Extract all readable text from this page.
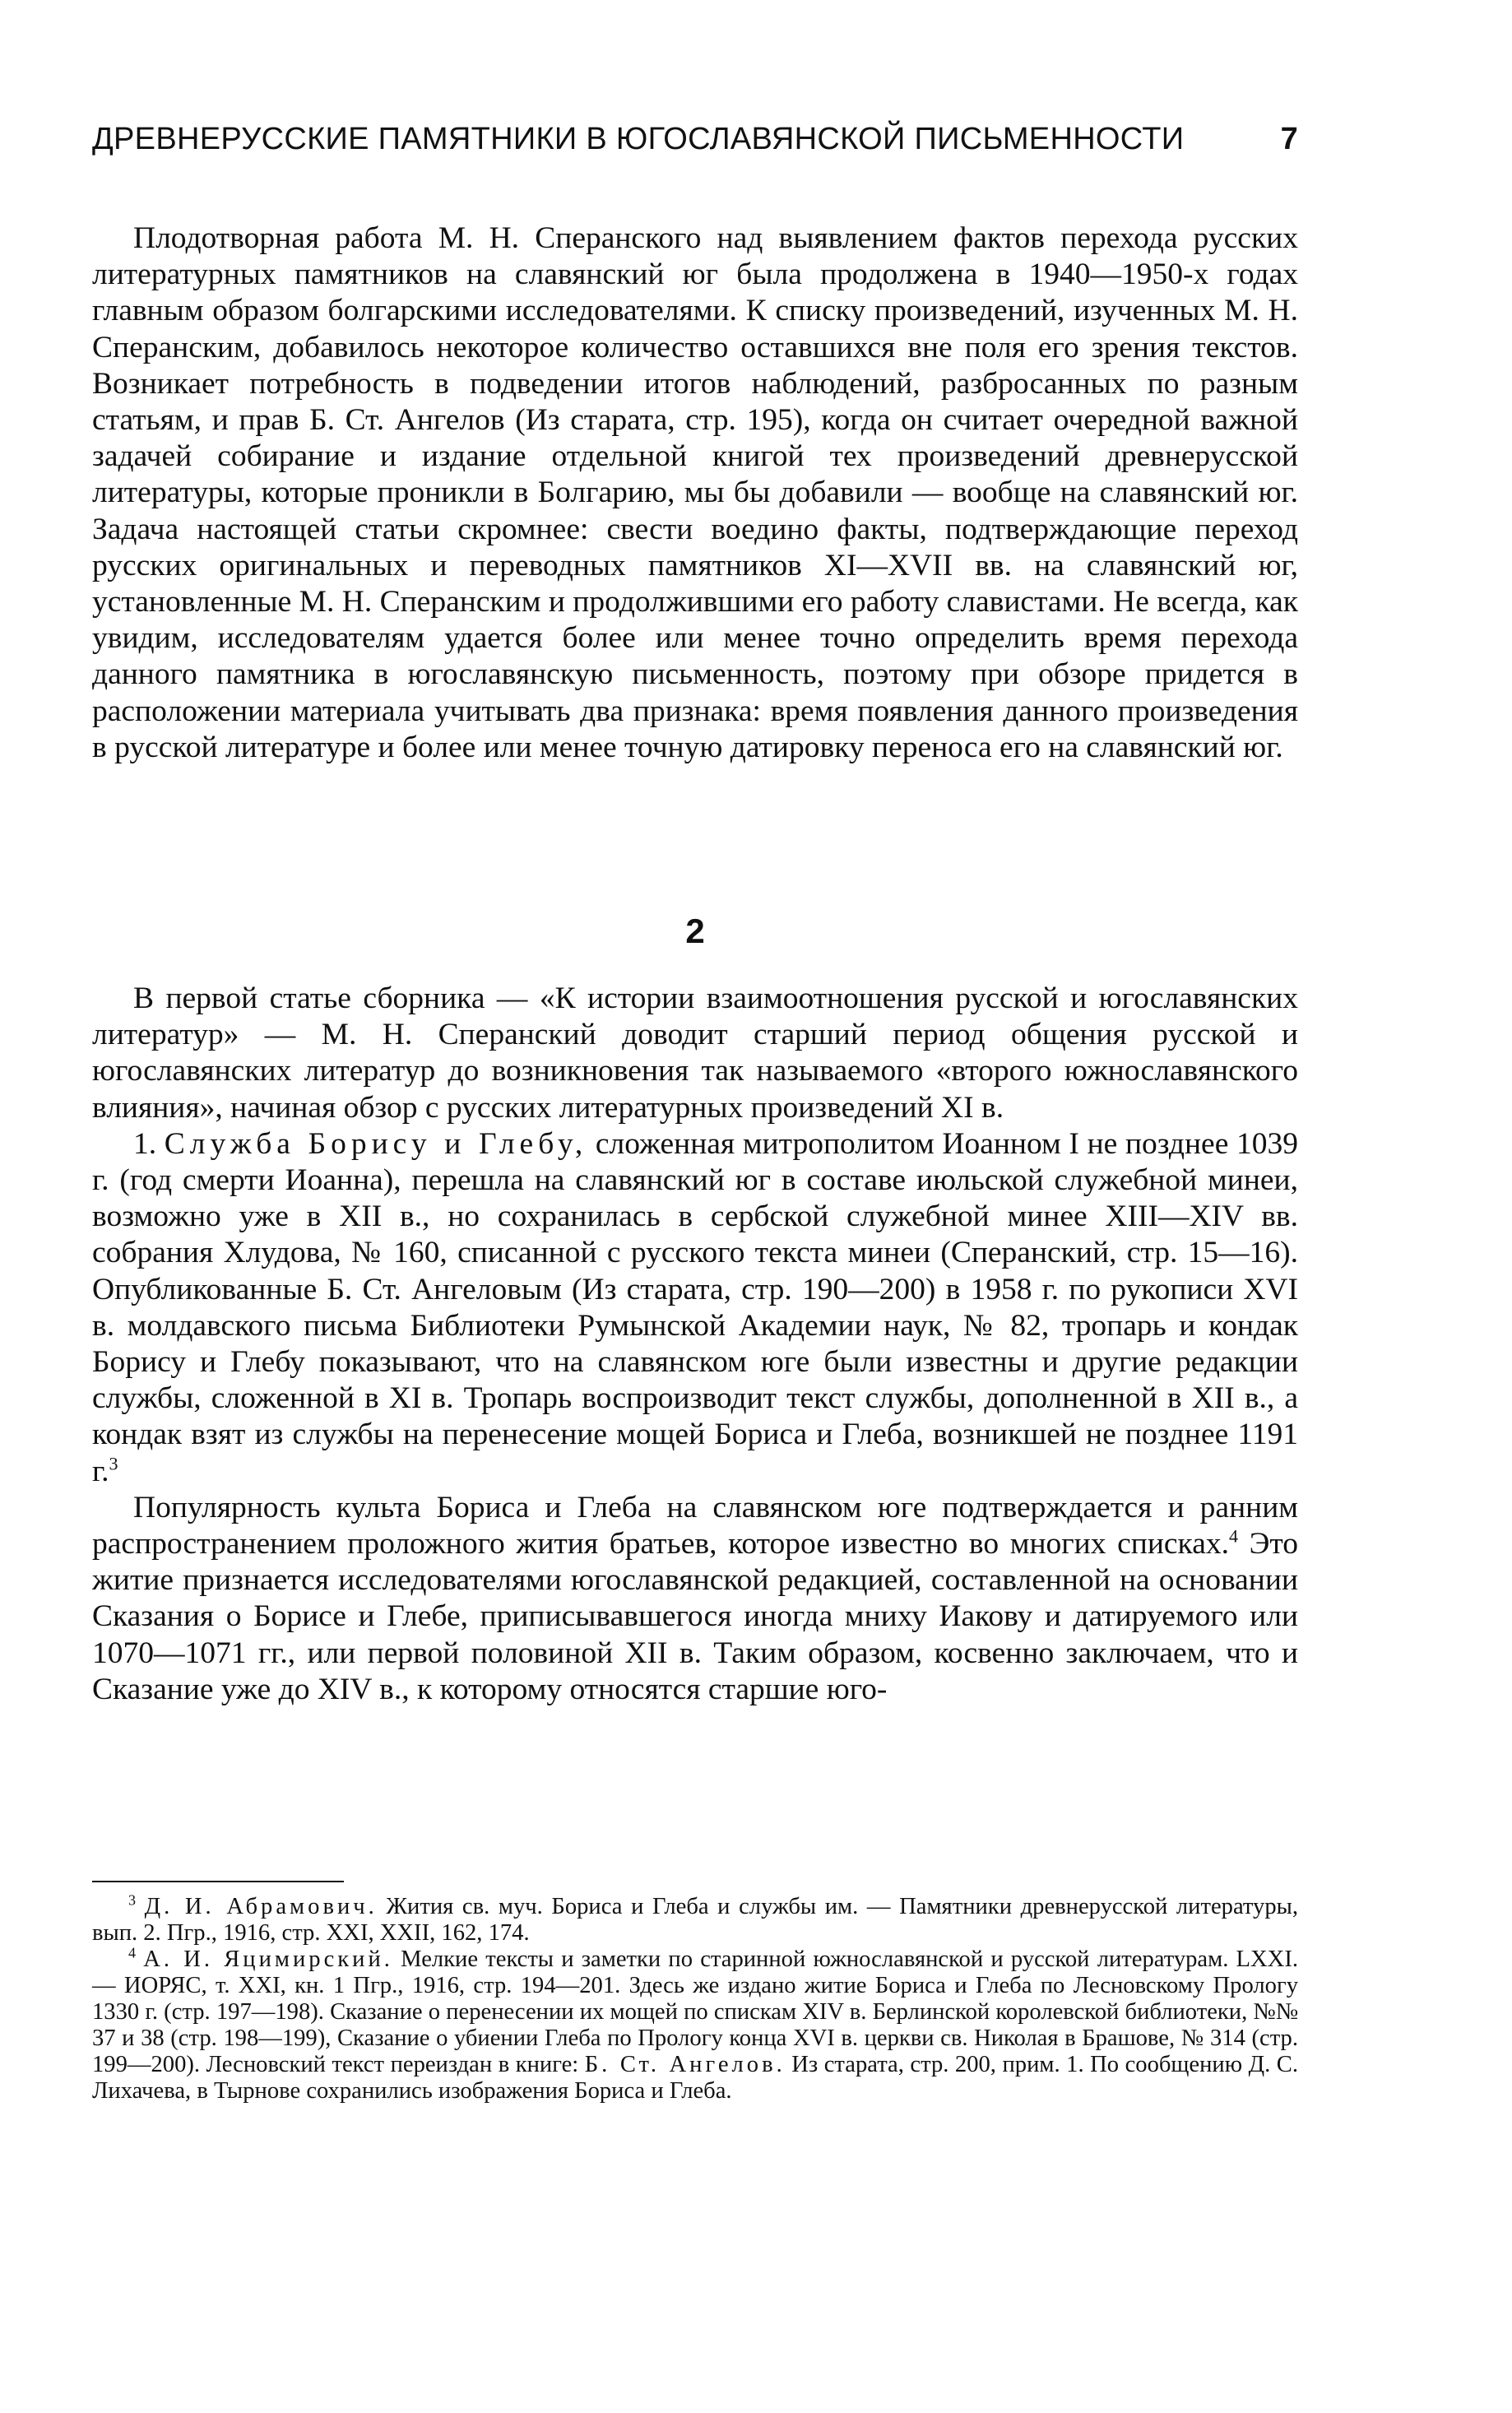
ДРЕВНЕРУССКИЕ ПАМЯТНИКИ В ЮГОСЛАВЯНСКОЙ ПИСЬМЕННОСТИ	7

Плодотворная работа М. Н. Сперанского над выявлением фактов перехода русских литературных памятников на славянский юг была продолжена в 1940—1950-х годах главным образом болгарскими исследователями. К списку произведений, изученных М. Н. Сперанским, добавилось некоторое количество оставшихся вне поля его зрения текстов. Возникает потребность в подведении итогов наблюдений, разбросанных по разным статьям, и прав Б. Ст. Ангелов (Из старата, стр. 195), когда он считает очередной важной задачей собирание и издание отдельной книгой тех произведений древнерусской литературы, которые проникли в Болгарию, мы бы добавили — вообще на славянский юг. Задача настоящей статьи скромнее: свести воедино факты, подтверждающие переход русских оригинальных и переводных памятников XI—XVII вв. на славянский юг, установленные М. Н. Сперанским и продолжившими его работу славистами. Не всегда, как увидим, исследователям удается более или менее точно определить время перехода данного памятника в югославянскую письменность, поэтому при обзоре придется в расположении материала учитывать два признака: время появления данного произведения в русской литературе и более или менее точную датировку переноса его на славянский юг.

2

В первой статье сборника — «К истории взаимоотношения русской и югославянских литератур» — М. Н. Сперанский доводит старший период общения русской и югославянских литератур до возникновения так называемого «второго южнославянского влияния», начиная обзор с русских литературных произведений XI в.

1. Служба Борису и Глебу, сложенная митрополитом Иоанном I не позднее 1039 г. (год смерти Иоанна), перешла на славянский юг в составе июльской служебной минеи, возможно уже в XII в., но сохранилась в сербской служебной минее XIII—XIV вв. собрания Хлудова, № 160, списанной с русского текста минеи (Сперанский, стр. 15—16). Опубликованные Б. Ст. Ангеловым (Из старата, стр. 190—200) в 1958 г. по рукописи XVI в. молдавского письма Библиотеки Румынской Академии наук, № 82, тропарь и кондак Борису и Глебу показывают, что на славянском юге были известны и другие редакции службы, сложенной в XI в. Тропарь воспроизводит текст службы, дополненной в XII в., а кондак взят из службы на перенесение мощей Бориса и Глеба, возникшей не позднее 1191 г.$^3$

Популярность культа Бориса и Глеба на славянском юге подтверждается и ранним распространением проложного жития братьев, которое известно во многих списках.$^4$ Это житие признается исследователями югославянской редакцией, составленной на основании Сказания о Борисе и Глебе, приписывавшегося иногда мниху Иакову и датируемого или 1070—1071 гг., или первой половиной XII в. Таким образом, косвенно заключаем, что и Сказание уже до XIV в., к которому относятся старшие юго-

$^3$ Д. И. Абрамович. Жития св. муч. Бориса и Глеба и службы им. — Памятники древнерусской литературы, вып. 2. Пгр., 1916, стр. XXI, XXII, 162, 174.

$^4$ А. И. Яцимирский. Мелкие тексты и заметки по старинной южнославянской и русской литературам. LXXI. — ИОРЯС, т. XXI, кн. 1 Пгр., 1916, стр. 194—201. Здесь же издано житие Бориса и Глеба по Лесновскому Прологу 1330 г. (стр. 197—198). Сказание о перенесении их мощей по спискам XIV в. Берлинской королевской библиотеки, №№ 37 и 38 (стр. 198—199), Сказание о убиении Глеба по Прологу конца XVI в. церкви св. Николая в Брашове, № 314 (стр. 199—200). Лесновский текст переиздан в книге: Б. Ст. Ангелов. Из старата, стр. 200, прим. 1. По сообщению Д. С. Лихачева, в Тырнове сохранились изображения Бориса и Глеба.
